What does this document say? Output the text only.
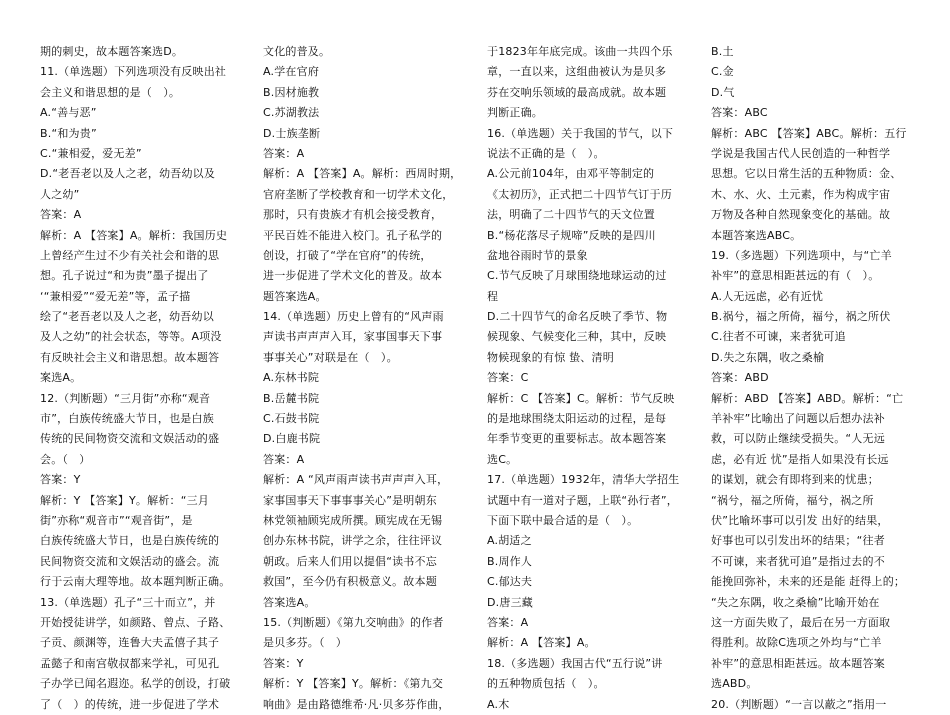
期的刺史，故本题答案选D。
11.（单选题）下列选项没有反映出社
会主义和谐思想的是（　）。
A.“善与恶”
B.“和为贵”
C.“兼相爱，爱无差”
D.“老吾老以及人之老，幼吾幼以及
人之幼”
答案：A
解析：A 【答案】A。解析：我国历史
上曾经产生过不少有关社会和谐的思
想。孔子说过“和为贵”墨子提出了
‘“兼相爱”“爱无差”等，孟子描
绘了“老吾老以及人之老，幼吾幼以
及人之幼”的社会状态，等等。A项没
有反映社会主义和谐思想。故本题答
案选A。
12.（判断题）“三月街”亦称“观音
市”，白族传统盛大节日，也是白族
传统的民间物资交流和文娱活动的盛
会。（　）
答案：Y
解析：Y 【答案】Y。解析：“三月
街”亦称“观音市”“观音街”，是
白族传统盛大节日，也是白族传统的
民间物资交流和文娱活动的盛会。流
行于云南大理等地。故本题判断正确。
13.（单选题）孔子“三十而立”，并
开始授徒讲学，如颜路、曾点、子路、
子贡、颜渊等，连鲁大夫孟僖子其子
孟懿子和南宫敬叔都来学礼，可见孔
子办学已闻名遐迩。私学的创设，打破
了（　）的传统，进一步促进了学术
文化的普及。
A.学在官府
B.因材施教
C.苏湖教法
D.士族垄断
答案：A
解析：A 【答案】A。解析：西周时期，
官府垄断了学校教育和一切学术文化，
那时，只有贵族才有机会接受教育，
平民百姓不能进入校门。孔子私学的
创设，打破了“学在官府”的传统，
进一步促进了学术文化的普及。故本
题答案选A。
14.（单选题）历史上曾有的“风声雨
声读书声声声入耳，家事国事天下事
事事关心”对联是在（　）。
A.东林书院
B.岳麓书院
C.石鼓书院
D.白鹿书院
答案：A
解析：A “风声雨声读书声声声入耳，
家事国事天下事事事关心”是明朝东
林党领袖顾宪成所撰。顾宪成在无锡
创办东林书院，讲学之余，往往评议
朝政。后来人们用以提倡“读书不忘
救国”，至今仍有积极意义。故本题
答案选A。
15.（判断题）《第九交响曲》的作者
是贝多芬。（　）
答案：Y
解析：Y 【答案】Y。解析：《第九交
响曲》是由路德维希·凡·贝多芬作曲，
于1823年年底完成。该曲一共四个乐
章，一直以来，这组曲被认为是贝多
芬在交响乐领域的最高成就。故本题
判断正确。
16.（单选题）关于我国的节气，以下
说法不正确的是（　）。
A.公元前104年，由邓平等制定的
《太初历》，正式把二十四节气订于历
法，明确了二十四节气的天文位置
B.“杨花落尽子规啼”反映的是四川
盆地谷雨时节的景象
C.节气反映了月球围绕地球运动的过
程
D.二十四节气的命名反映了季节、物
候现象、气候变化三种，其中，反映
物候现象的有惊 蛰、清明
答案：C
解析：C 【答案】C。解析：节气反映
的是地球围绕太阳运动的过程，是每
年季节变更的重要标志。故本题答案
选C。
17.（单选题）1932年，清华大学招生
试题中有一道对子题，上联“孙行者”，
下面下联中最合适的是（　）。
A.胡适之
B.周作人
C.郁达夫
D.唐三藏
答案：A
解析：A 【答案】A。
18.（多选题）我国古代“五行说”讲
的五种物质包括（　）。
A.木
B.土
C.金
D.气
答案：ABC
解析：ABC 【答案】ABC。解析：五行
学说是我国古代人民创造的一种哲学
思想。它以日常生活的五种物质：金、
木、水、火、土元素，作为构成宇宙
万物及各种自然现象变化的基础。故
本题答案选ABC。
19.（多选题）下列选项中，与“亡羊
补牢”的意思相距甚远的有（　）。
A.人无远虑，必有近忧
B.祸兮，福之所倚，福兮，祸之所伏
C.往者不可谏，来者犹可追
D.失之东隅，收之桑榆
答案：ABD
解析：ABD 【答案】ABD。解析：“亡
羊补牢”比喻出了问题以后想办法补
救，可以防止继续受损失。“人无远
虑，必有近 忧”是指人如果没有长远
的谋划，就会有即将到来的忧患；
“祸兮，福之所倚，福兮，祸之所
伏”比喻坏事可以引发 出好的结果，
好事也可以引发出坏的结果；“往者
不可谏，来者犹可追”是指过去的不
能挽回弥补，未来的还是能 赶得上的；
“失之东隅，收之桑榆”比喻开始在
这一方面失败了，最后在另一方面取
得胜利。故除C选项之外均与“亡羊
补牢”的意思相距甚远。故本题答案
选ABD。
20.（判断题）“一言以蔽之”指用一
